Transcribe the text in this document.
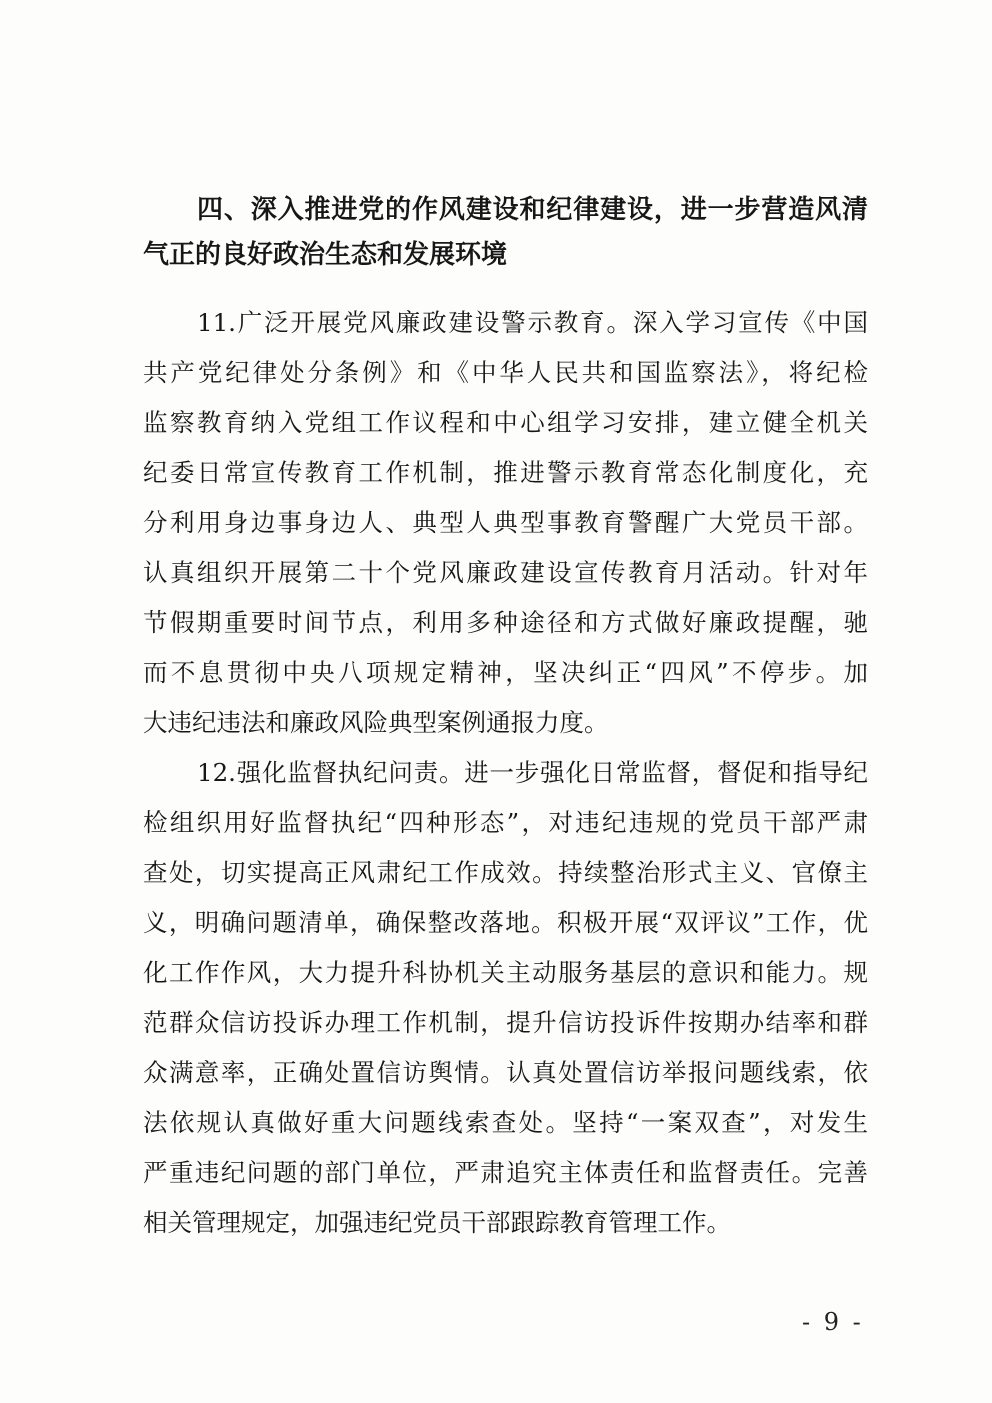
四、深入推进党的作风建设和纪律建设，进一步营造风清
气正的良好政治生态和发展环境
11.广泛开展党风廉政建设警示教育。深入学习宣传《中国
共产党纪律处分条例》和《中华人民共和国监察法》，将纪检
监察教育纳入党组工作议程和中心组学习安排，建立健全机关
纪委日常宣传教育工作机制，推进警示教育常态化制度化，充
分利用身边事身边人、典型人典型事教育警醒广大党员干部。
认真组织开展第二十个党风廉政建设宣传教育月活动。针对年
节假期重要时间节点，利用多种途径和方式做好廉政提醒，驰
而不息贯彻中央八项规定精神，坚决纠正“四风”不停步。加
大违纪违法和廉政风险典型案例通报力度。
12.强化监督执纪问责。进一步强化日常监督，督促和指导纪
检组织用好监督执纪“四种形态”，对违纪违规的党员干部严肃
查处，切实提高正风肃纪工作成效。持续整治形式主义、官僚主
义，明确问题清单，确保整改落地。积极开展“双评议”工作，优
化工作作风，大力提升科协机关主动服务基层的意识和能力。规
范群众信访投诉办理工作机制，提升信访投诉件按期办结率和群
众满意率，正确处置信访舆情。认真处置信访举报问题线索，依
法依规认真做好重大问题线索查处。坚持“一案双查”，对发生
严重违纪问题的部门单位，严肃追究主体责任和监督责任。完善
相关管理规定，加强违纪党员干部跟踪教育管理工作。
- 9 -
